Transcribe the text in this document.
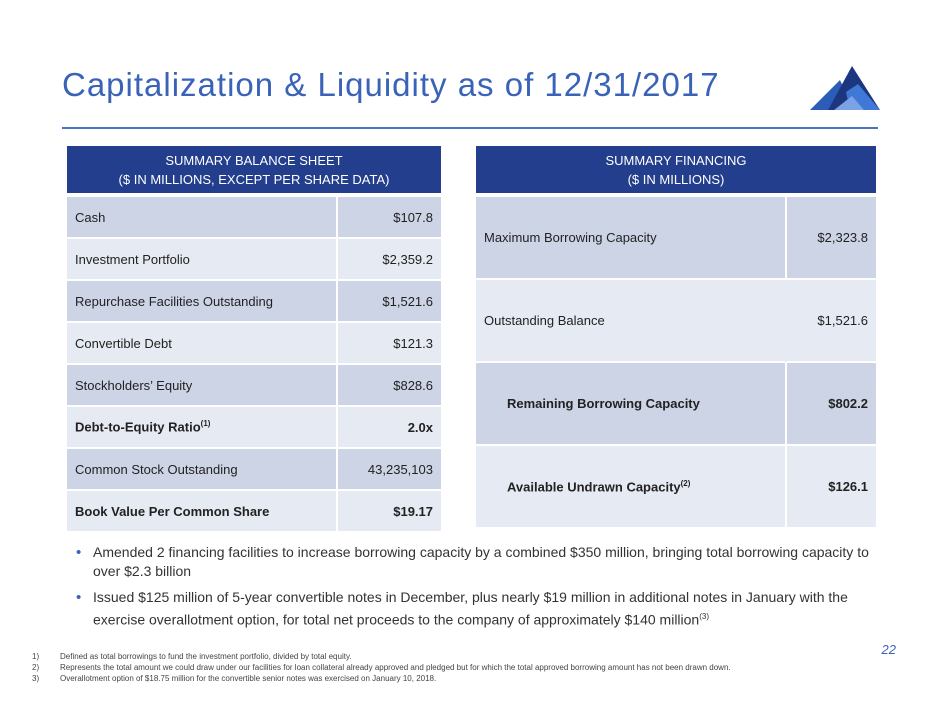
Capitalization & Liquidity as of 12/31/2017
SUMMARY BALANCE SHEET
($ IN MILLIONS, EXCEPT PER SHARE DATA)	
Cash	$107.8
Investment Portfolio	$2,359.2
Repurchase Facilities Outstanding	$1,521.6
Convertible Debt	$121.3
Stockholders’ Equity	$828.6
Debt-to-Equity Ratio$^{(1)}$	2.0x
Common Stock Outstanding	43,235,103
Book Value Per Common Share	$19.17
SUMMARY FINANCING
($ IN MILLIONS)	
Maximum Borrowing Capacity	$2,323.8
Outstanding Balance	$1,521.6
Remaining Borrowing Capacity	$802.2
Available Undrawn Capacity$^{(2)}$	$126.1
• Amended 2 financing facilities to increase borrowing capacity by a combined $350 million, bringing total borrowing capacity to over $2.3 billion
• Issued $125 million of 5-year convertible notes in December, plus nearly $19 million in additional notes in January with the exercise overallotment option, for total net proceeds to the company of approximately $140 million$^{(3)}$
22
1)	Defined as total borrowings to fund the investment portfolio, divided by total equity.
2)	Represents the total amount we could draw under our facilities for loan collateral already approved and pledged but for which the total approved borrowing amount has not been drawn down.
3)	Overallotment option of $18.75 million for the convertible senior notes was exercised on January 10, 2018.
